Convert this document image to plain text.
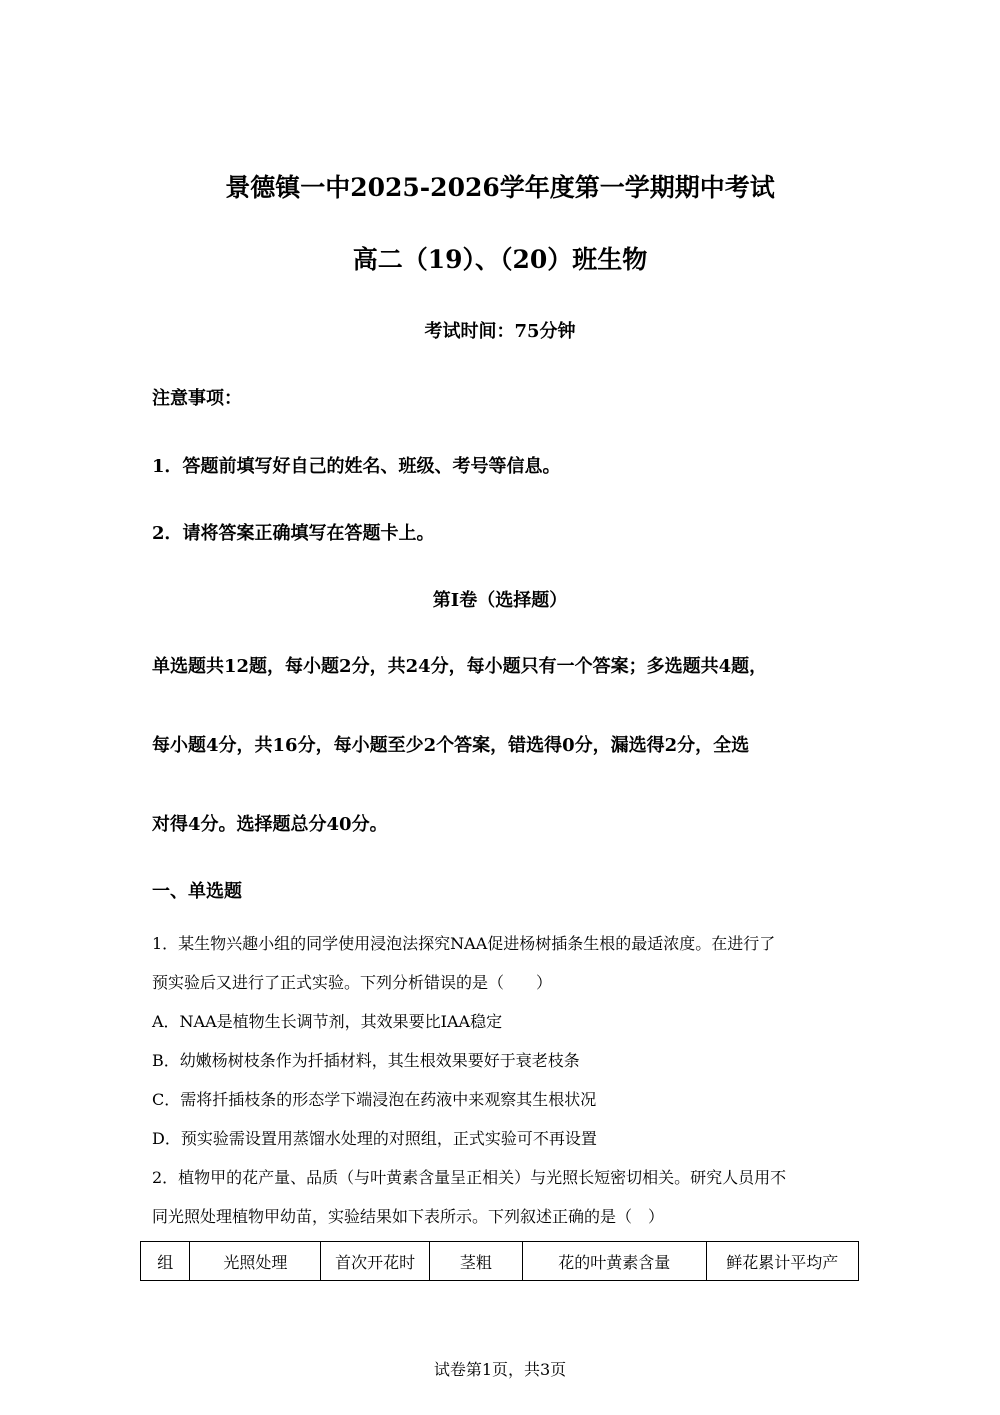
景德镇一中2025-2026学年度第一学期期中考试
高二（19）、（20）班生物
考试时间：75分钟
注意事项：
1．答题前填写好自己的姓名、班级、考号等信息。
2．请将答案正确填写在答题卡上。
第I卷（选择题）
单选题共12题，每小题2分，共24分，每小题只有一个答案；多选题共4题，
每小题4分，共16分，每小题至少2个答案，错选得0分，漏选得2分，全选
对得4分。选择题总分40分。
一、单选题
1．某生物兴趣小组的同学使用浸泡法探究NAA促进杨树插条生根的最适浓度。在进行了
预实验后又进行了正式实验。下列分析错误的是（　　）
A．NAA是植物生长调节剂，其效果要比IAA稳定
B．幼嫩杨树枝条作为扦插材料，其生根效果要好于衰老枝条
C．需将扦插枝条的形态学下端浸泡在药液中来观察其生根状况
D．预实验需设置用蒸馏水处理的对照组，正式实验可不再设置
2．植物甲的花产量、品质（与叶黄素含量呈正相关）与光照长短密切相关。研究人员用不
同光照处理植物甲幼苗，实验结果如下表所示。下列叙述正确的是（　）
组	光照处理	首次开花时	茎粗	花的叶黄素含量	鲜花累计平均产
试卷第1页，共3页
